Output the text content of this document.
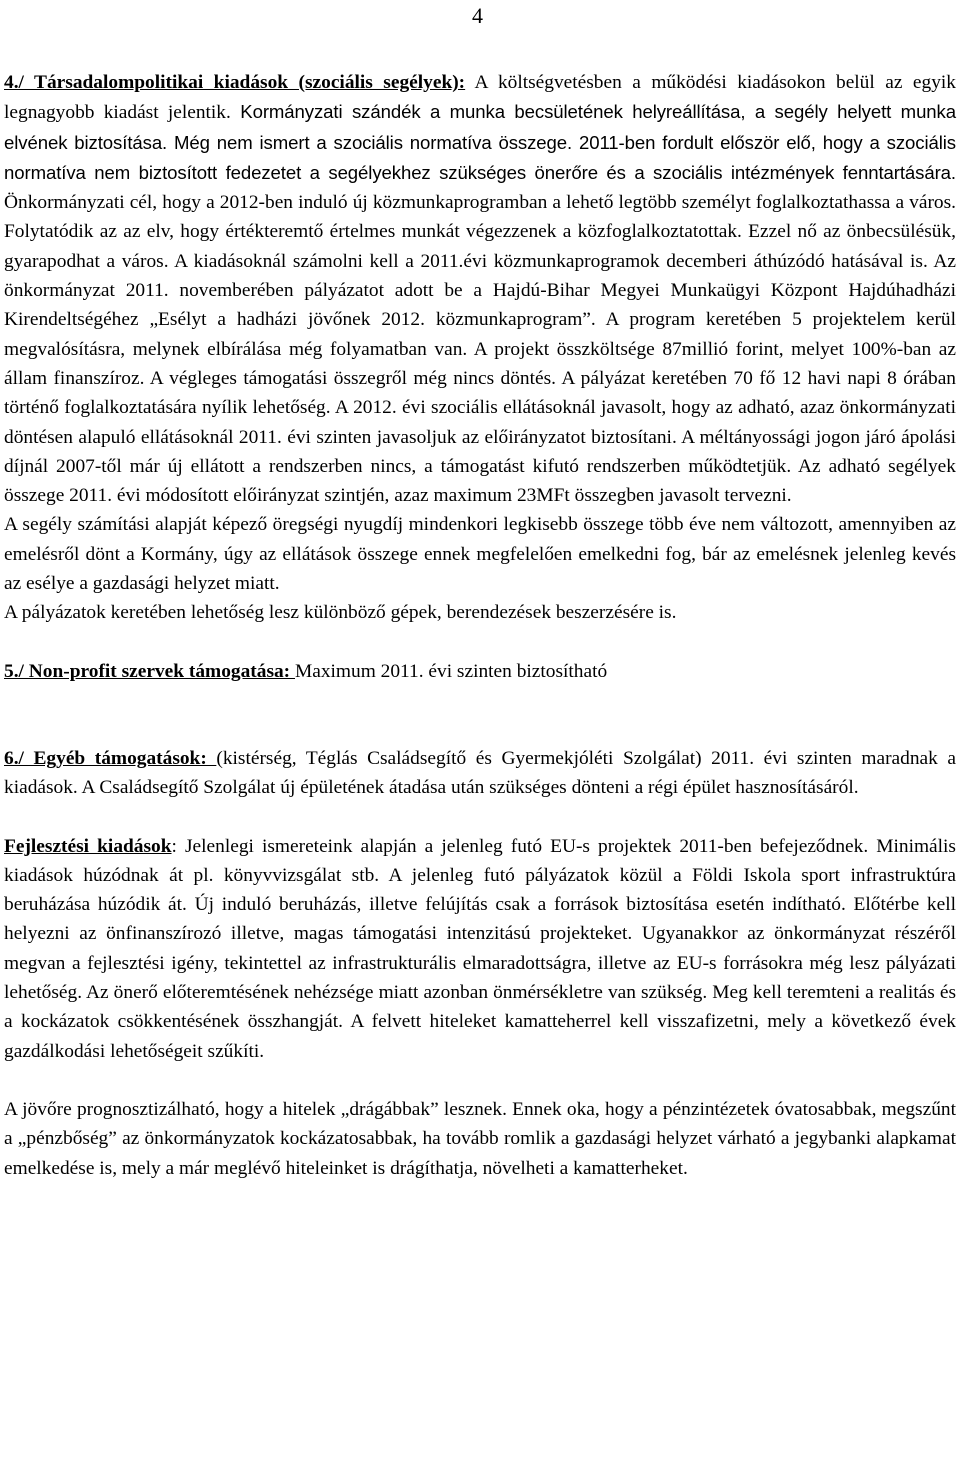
4

4./ Társadalompolitikai kiadások (szociális segélyek): A költségvetésben a működési kiadásokon belül az egyik legnagyobb kiadást jelentik. Kormányzati szándék a munka becsületének helyreállítása, a segély helyett munka elvének biztosítása. Még nem ismert a szociális normatíva összege. 2011-ben fordult először elő, hogy a szociális normatíva nem biztosított fedezetet a segélyekhez szükséges önerőre és a szociális intézmények fenntartására. Önkormányzati cél, hogy a 2012-ben induló új közmunkaprogramban a lehető legtöbb személyt foglalkoztathassa a város. Folytatódik az az elv, hogy értékteremtő értelmes munkát végezzenek a közfoglalkoztatottak. Ezzel nő az önbecsülésük, gyarapodhat a város. A kiadásoknál számolni kell a 2011.évi közmunkaprogramok decemberi áthúzódó hatásával is. Az önkormányzat 2011. novemberében pályázatot adott be a Hajdú-Bihar Megyei Munkaügyi Központ Hajdúhadházi Kirendeltségéhez „Esélyt a hadházi jövőnek 2012. közmunkaprogram”. A program keretében 5 projektelem kerül megvalósításra, melynek elbírálása még folyamatban van. A projekt összköltsége 87millió forint, melyet 100%-ban az állam finanszíroz. A végleges támogatási összegről még nincs döntés. A pályázat keretében 70 fő 12 havi napi 8 órában történő foglalkoztatására nyílik lehetőség. A 2012. évi szociális ellátásoknál javasolt, hogy az adható, azaz önkormányzati döntésen alapuló ellátásoknál 2011. évi szinten javasoljuk az előirányzatot biztosítani. A méltányossági jogon járó ápolási díjnál 2007-től már új ellátott a rendszerben nincs, a támogatást kifutó rendszerben működtetjük. Az adható segélyek összege 2011. évi módosított előirányzat szintjén, azaz maximum 23MFt összegben javasolt tervezni.

A segély számítási alapját képező öregségi nyugdíj mindenkori legkisebb összege több éve nem változott, amennyiben az emelésről dönt a Kormány, úgy az ellátások összege ennek megfelelően emelkedni fog, bár az emelésnek jelenleg kevés az esélye a gazdasági helyzet miatt.

A pályázatok keretében lehetőség lesz különböző gépek, berendezések beszerzésére is.

5./ Non-profit szervek támogatása: Maximum 2011. évi szinten biztosítható

6./ Egyéb támogatások: (kistérség, Téglás Családsegítő és Gyermekjóléti Szolgálat) 2011. évi szinten maradnak a kiadások. A Családsegítő Szolgálat új épületének átadása után szükséges dönteni a régi épület hasznosításáról.

Fejlesztési kiadások: Jelenlegi ismereteink alapján a jelenleg futó EU-s projektek 2011-ben befejeződnek. Minimális kiadások húzódnak át pl. könyvvizsgálat stb. A jelenleg futó pályázatok közül a Földi Iskola sport infrastruktúra beruházása húzódik át. Új induló beruházás, illetve felújítás csak a források biztosítása esetén indítható. Előtérbe kell helyezni az önfinanszírozó illetve, magas támogatási intenzitású projekteket. Ugyanakkor az önkormányzat részéről megvan a fejlesztési igény, tekintettel az infrastrukturális elmaradottságra, illetve az EU-s forrásokra még lesz pályázati lehetőség. Az önerő előteremtésének nehézsége miatt azonban önmérsékletre van szükség. Meg kell teremteni a realitás és a kockázatok csökkentésének összhangját. A felvett hiteleket kamatteherrel kell visszafizetni, mely a következő évek gazdálkodási lehetőségeit szűkíti.

A jövőre prognosztizálható, hogy a hitelek „drágábbak” lesznek. Ennek oka, hogy a pénzintézetek óvatosabbak, megszűnt a „pénzbőség” az önkormányzatok kockázatosabbak, ha tovább romlik a gazdasági helyzet várható a jegybanki alapkamat emelkedése is, mely a már meglévő hiteleinket is drágíthatja, növelheti a kamatterheket.
